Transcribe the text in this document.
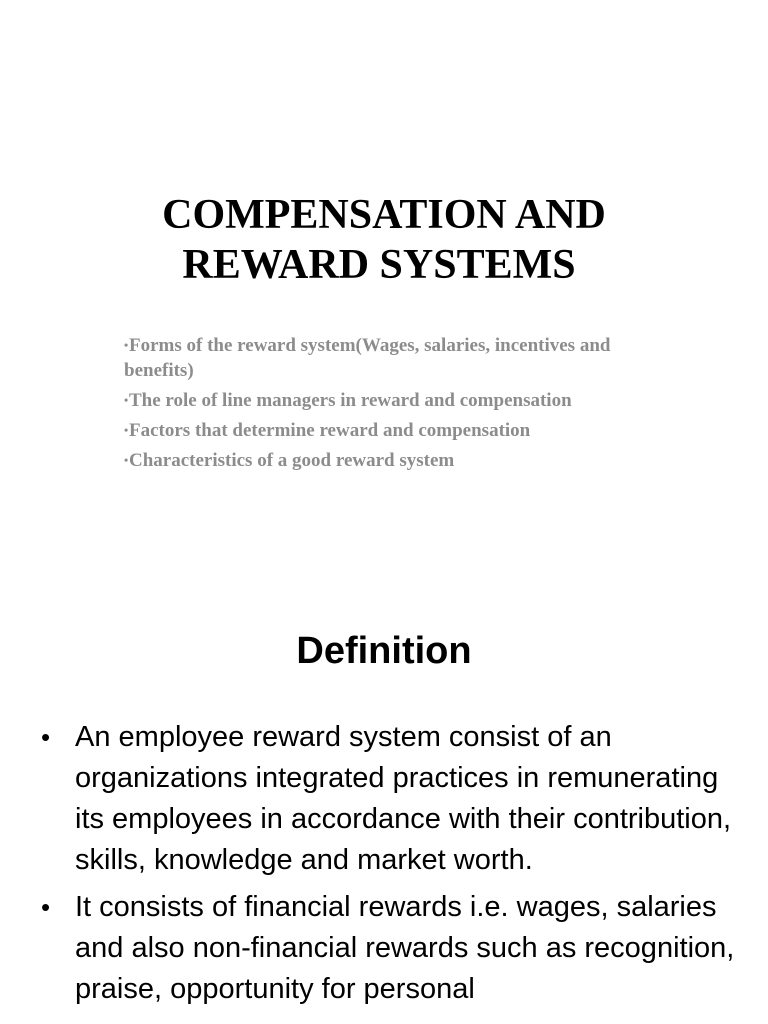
COMPENSATION AND
REWARD SYSTEMS
•Forms of the reward system(Wages, salaries, incentives and benefits)
•The role of line managers in reward and compensation
•Factors that determine reward and compensation
•Characteristics of a good reward system
Definition
• An employee reward system consist of an organizations integrated practices in remunerating its employees in accordance with their contribution, skills, knowledge and market worth.
• It consists of financial rewards i.e. wages, salaries and also non-financial rewards such as recognition, praise, opportunity for personal
